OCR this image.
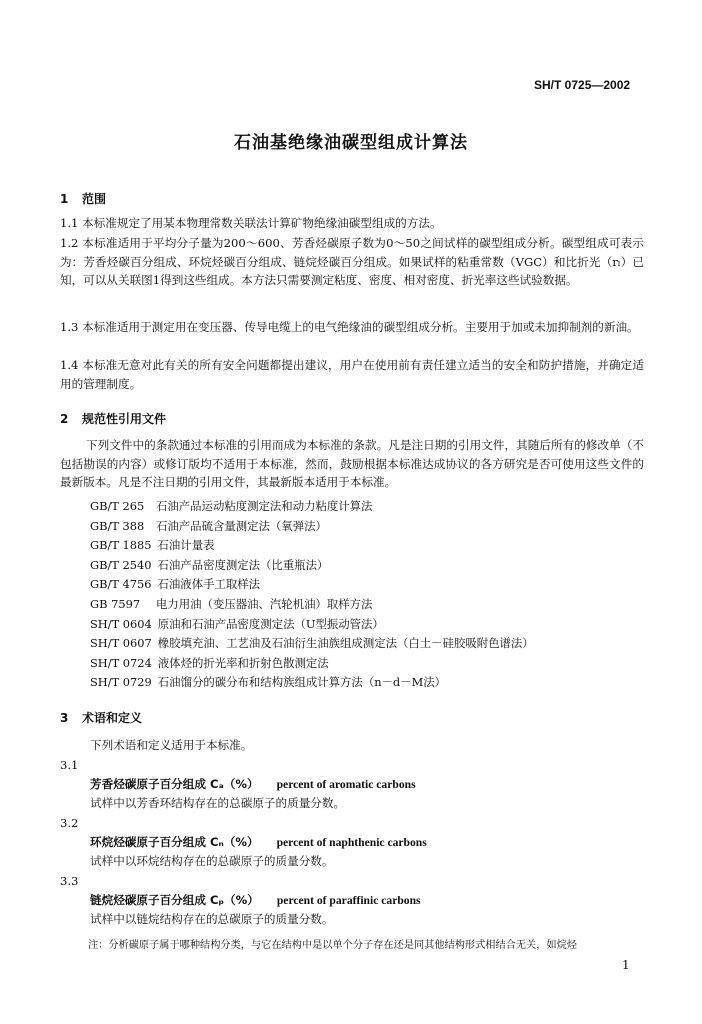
SH/T 0725—2002
石油基绝缘油碳型组成计算法
1 范围
1.1 本标准规定了用某本物理常数关联法计算矿物绝缘油碳型组成的方法。
1.2 本标准适用于平均分子量为200～600、芳香烃碳原子数为0～50之间试样的碳型组成分析。碳型组成可表示为：芳香烃碳百分组成、环烷烃碳百分组成、链烷烃碳百分组成。如果试样的粘重常数（VGC）和比折光（rₗ）已知，可以从关联图1得到这些组成。本方法只需要测定粘度、密度、相对密度、折光率这些试验数据。
1.3 本标准适用于测定用在变压器、传导电缆上的电气绝缘油的碳型组成分析。主要用于加或未加抑制剂的新油。
1.4 本标准无意对此有关的所有安全问题都提出建议，用户在使用前有责任建立适当的安全和防护措施，并确定适用的管理制度。
2 规范性引用文件
下列文件中的条款通过本标准的引用而成为本标准的条款。凡是注日期的引用文件，其随后所有的修改单（不包括勘误的内容）或修订版均不适用于本标准，然而，鼓励根据本标准达成协议的各方研究是否可使用这些文件的最新版本。凡是不注日期的引用文件，其最新版本适用于本标准。
GB/T 265 石油产品运动粘度测定法和动力粘度计算法
GB/T 388 石油产品硫含量测定法（氧弹法）
GB/T 1885 石油计量表
GB/T 2540 石油产品密度测定法（比重瓶法）
GB/T 4756 石油液体手工取样法
GB 7597 电力用油（变压器油、汽轮机油）取样方法
SH/T 0604 原油和石油产品密度测定法（U型振动管法）
SH/T 0607 橡胶填充油、工艺油及石油衍生油族组成测定法（白土－硅胶吸附色谱法）
SH/T 0724 液体烃的折光率和折射色散测定法
SH/T 0729 石油馏分的碳分布和结构族组成计算方法（n－d－M法）
3 术语和定义
下列术语和定义适用于本标准。
3.1
芳香烃碳原子百分组成 Cₐ（%） percent of aromatic carbons
试样中以芳香环结构存在的总碳原子的质量分数。
3.2
环烷烃碳原子百分组成 Cₙ（%） percent of naphthenic carbons
试样中以环烷结构存在的总碳原子的质量分数。
3.3
链烷烃碳原子百分组成 Cₚ（%） percent of paraffinic carbons
试样中以链烷结构存在的总碳原子的质量分数。
注：分析碳原子属于哪种结构分类，与它在结构中是以单个分子存在还是同其他结构形式相结合无关，如烷烃
1
